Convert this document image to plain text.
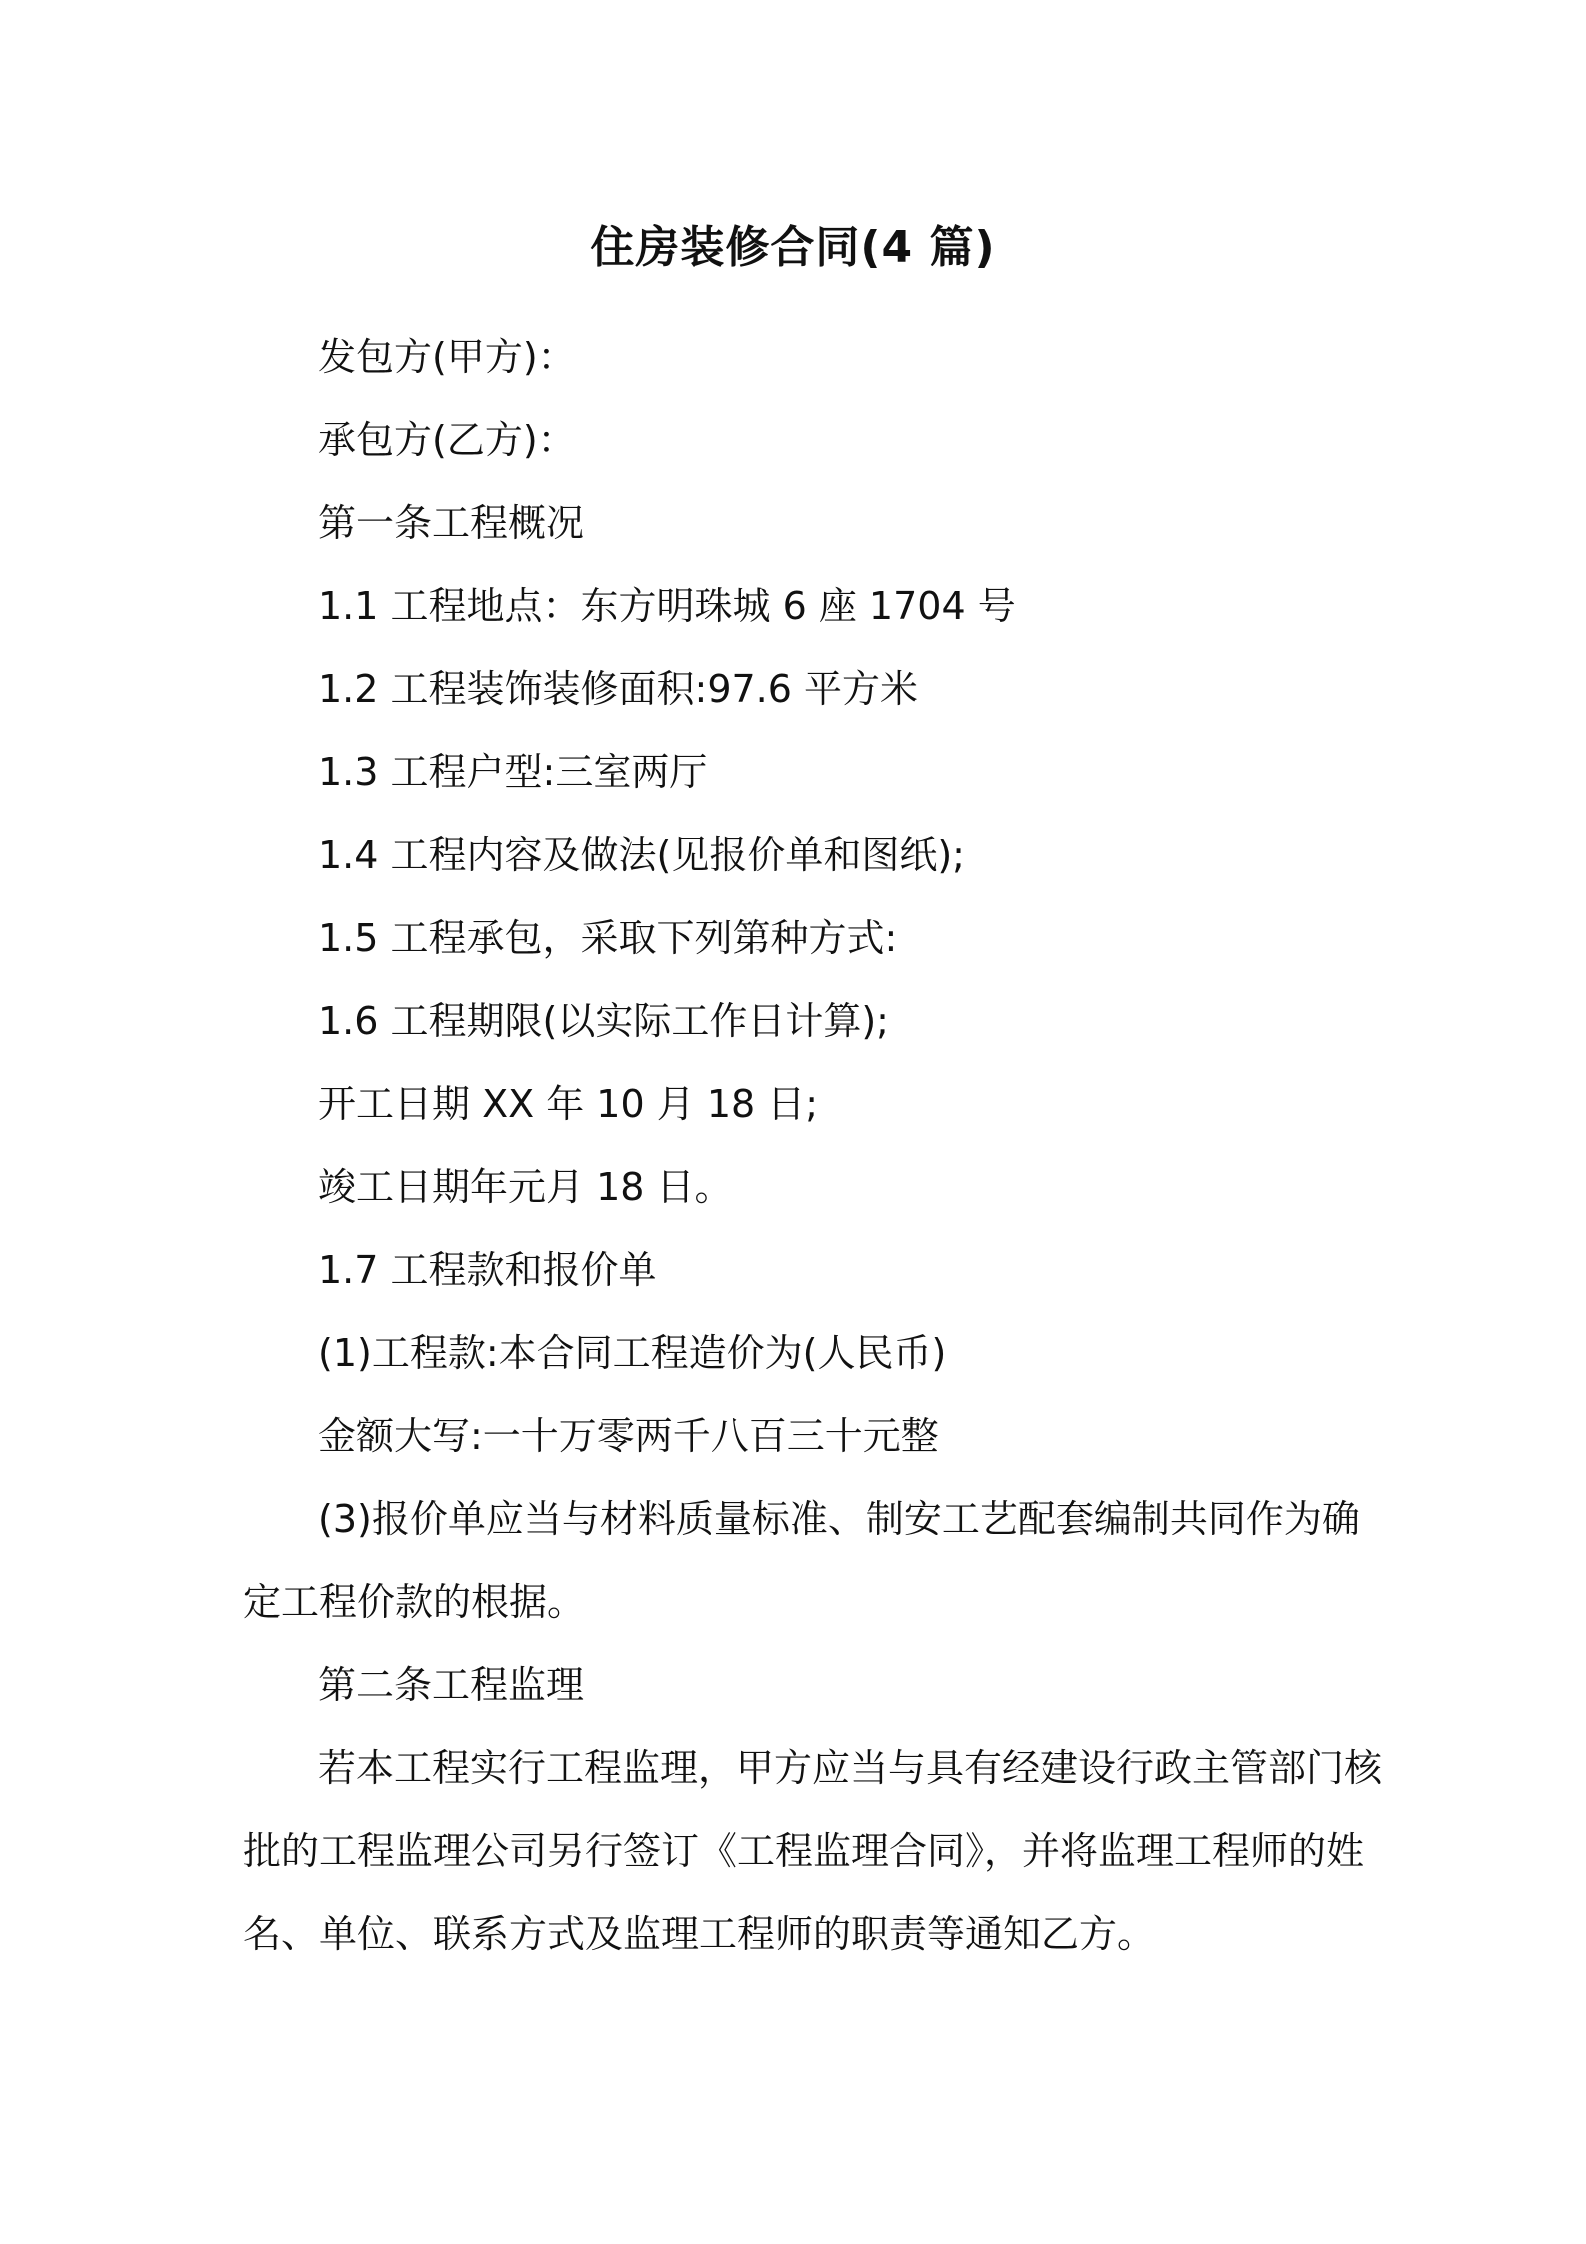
住房装修合同(4 篇)
发包方(甲方)：
承包方(乙方)：
第一条工程概况
1.1 工程地点：东方明珠城 6 座 1704 号
1.2 工程装饰装修面积:97.6 平方米
1.3 工程户型:三室两厅
1.4 工程内容及做法(见报价单和图纸);
1.5 工程承包，采取下列第种方式:
1.6 工程期限(以实际工作日计算);
开工日期 XX 年 10 月 18 日;
竣工日期年元月 18 日。
1.7 工程款和报价单
(1)工程款:本合同工程造价为(人民币)
金额大写:一十万零两千八百三十元整
(3)报价单应当与材料质量标准、制安工艺配套编制共同作为确
定工程价款的根据。
第二条工程监理
若本工程实行工程监理，甲方应当与具有经建设行政主管部门核
批的工程监理公司另行签订《工程监理合同》，并将监理工程师的姓
名、单位、联系方式及监理工程师的职责等通知乙方。
